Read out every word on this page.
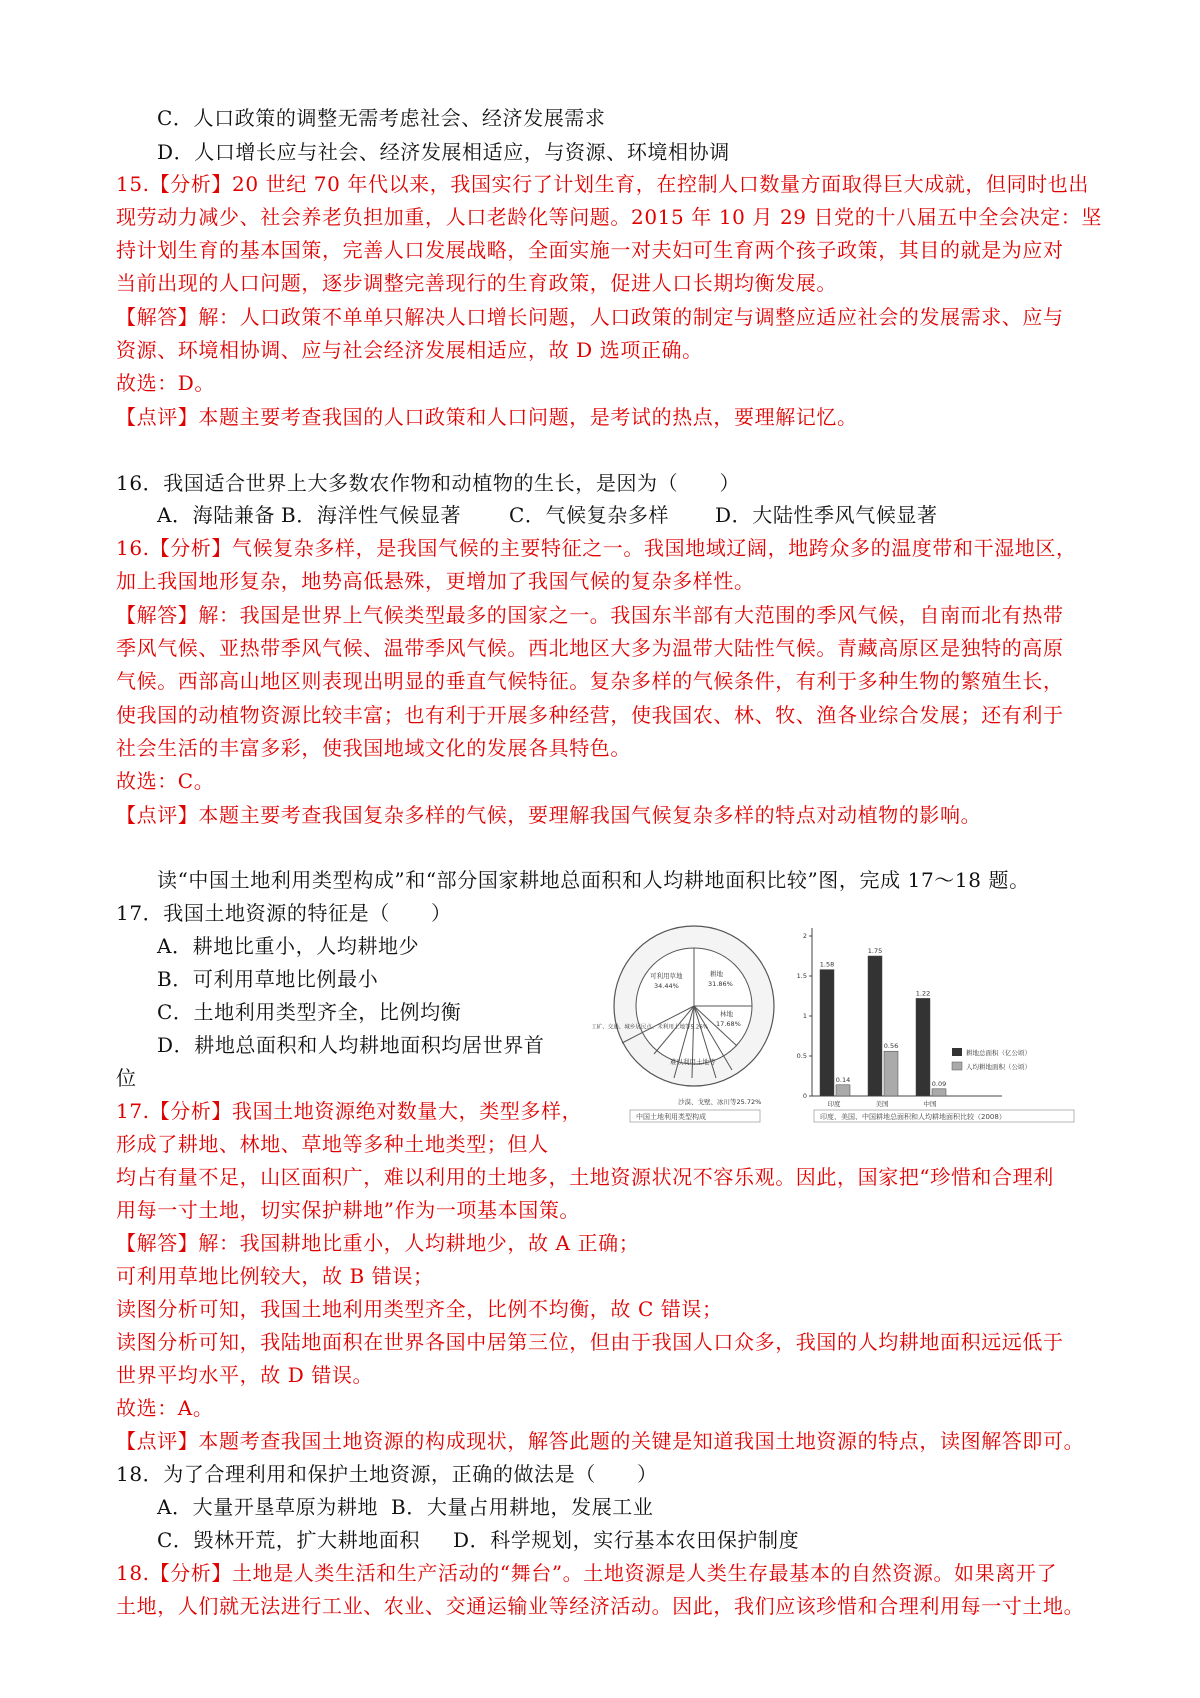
C．人口政策的调整无需考虑社会、经济发展需求
D．人口增长应与社会、经济发展相适应，与资源、环境相协调
15.【分析】20 世纪 70 年代以来，我国实行了计划生育，在控制人口数量方面取得巨大成就，但同时也出
现劳动力减少、社会养老负担加重，人口老龄化等问题。2015 年 10 月 29 日党的十八届五中全会决定：坚
持计划生育的基本国策，完善人口发展战略，全面实施一对夫妇可生育两个孩子政策，其目的就是为应对
当前出现的人口问题，逐步调整完善现行的生育政策，促进人口长期均衡发展。
【解答】解：人口政策不单单只解决人口增长问题，人口政策的制定与调整应适应社会的发展需求、应与
资源、环境相协调、应与社会经济发展相适应，故 D 选项正确。
故选：D。
【点评】本题主要考查我国的人口政策和人口问题，是考试的热点，要理解记忆。
16．我国适合世界上大多数农作物和动植物的生长，是因为（　　）
A．海陆兼备 B．海洋性气候显著 C．气候复杂多样 D．大陆性季风气候显著
16.【分析】气候复杂多样，是我国气候的主要特征之一。我国地域辽阔，地跨众多的温度带和干湿地区，
加上我国地形复杂，地势高低悬殊，更增加了我国气候的复杂多样性。
【解答】解：我国是世界上气候类型最多的国家之一。我国东半部有大范围的季风气候，自南而北有热带
季风气候、亚热带季风气候、温带季风气候。西北地区大多为温带大陆性气候。青藏高原区是独特的高原
气候。西部高山地区则表现出明显的垂直气候特征。复杂多样的气候条件，有利于多种生物的繁殖生长，
使我国的动植物资源比较丰富；也有利于开展多种经营，使我国农、林、牧、渔各业综合发展；还有利于
社会生活的丰富多彩，使我国地域文化的发展各具特色。
故选：C。
【点评】本题主要考查我国复杂多样的气候，要理解我国气候复杂多样的特点对动植物的影响。
读“中国土地利用类型构成”和“部分国家耕地总面积和人均耕地面积比较”图，完成 17～18 题。
17．我国土地资源的特征是（　　）
A．耕地比重小，人均耕地少
B．可利用草地比例最小
C．土地利用类型齐全，比例均衡
D．耕地总面积和人均耕地面积均居世界首
位
17.【分析】我国土地资源绝对数量大，类型多样，
形成了耕地、林地、草地等多种土地类型；但人
均占有量不足，山区面积广，难以利用的土地多，土地资源状况不容乐观。因此，国家把“珍惜和合理利
用每一寸土地，切实保护耕地”作为一项基本国策。
【解答】解：我国耕地比重小，人均耕地少，故 A 正确；
可利用草地比例较大，故 B 错误；
读图分析可知，我国土地利用类型齐全，比例不均衡，故 C 错误；
读图分析可知，我陆地面积在世界各国中居第三位，但由于我国人口众多，我国的人均耕地面积远远低于
世界平均水平，故 D 错误。
故选：A。
【点评】本题考查我国土地资源的构成现状，解答此题的关键是知道我国土地资源的特点，读图解答即可。
18．为了合理利用和保护土地资源，正确的做法是（　　）
A．大量开垦草原为耕地 B．大量占用耕地，发展工业
C．毁林开荒，扩大耕地面积 D．科学规划，实行基本农田保护制度
18.【分析】土地是人类生活和生产活动的“舞台”。土地资源是人类生存最基本的自然资源。如果离开了
土地，人们就无法进行工业、农业、交通运输业等经济活动。因此，我们应该珍惜和合理利用每一寸土地。
可利用草地
34.44%
耕地
31.86%
林地
17.68%
难以利用土地等
工矿、交通、城乡居民点、未利用土地等5.26%
沙漠、戈壁、冰川等25.72%
中国土地利用类型构成
耕地总面积（亿公顷）
人均耕地面积（公顷）
印度、美国、中国耕地总面积和人均耕地面积比较（2008）
0
0.5
1
1.5
2
1.58
0.14
印度
1.75
0.56
美国
1.22
0.09
中国
